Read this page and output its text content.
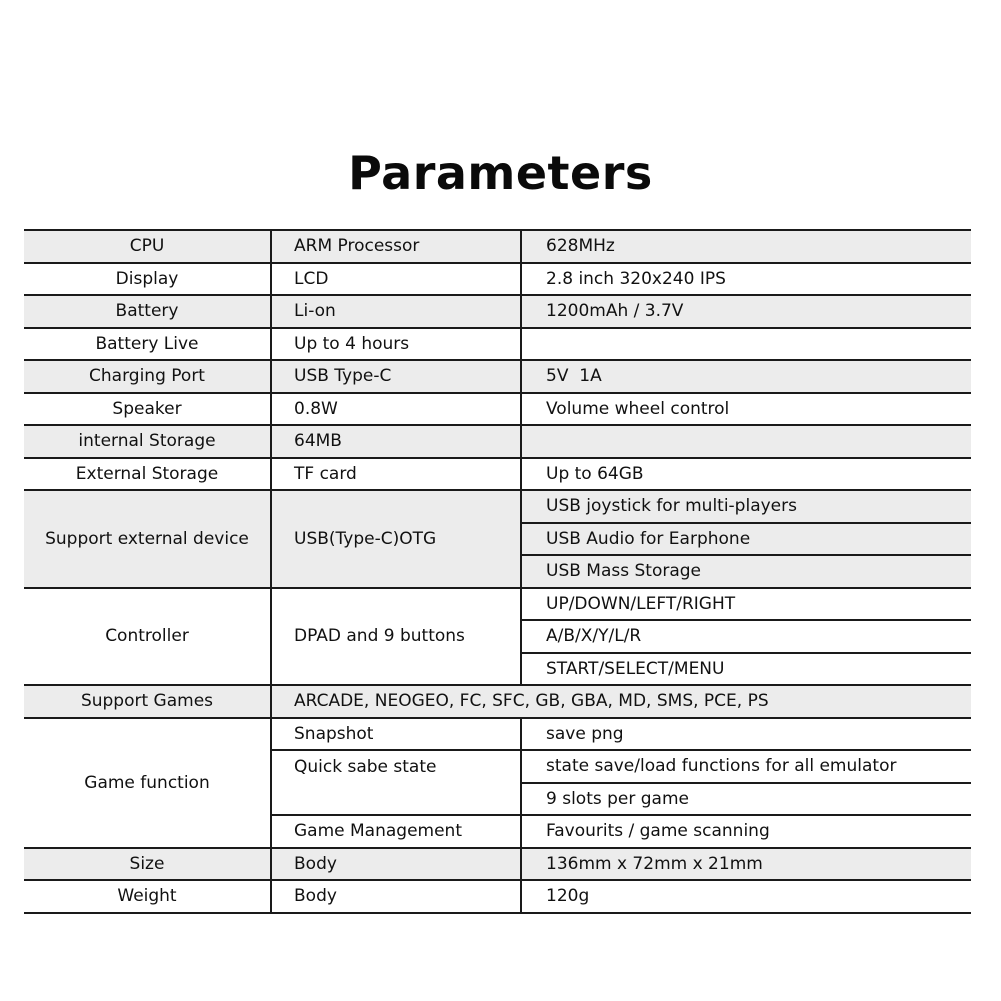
Parameters
CPU	ARM Processor	628MHz
Display	LCD	2.8 inch 320x240 IPS
Battery	Li-on	1200mAh / 3.7V
Battery Live	Up to 4 hours	
Charging Port	USB Type-C	5V  1A
Speaker	0.8W	Volume wheel control
internal Storage	64MB	
External Storage	TF card	Up to 64GB
Support external device	USB(Type-C)OTG	USB joystick for multi-players
		USB Audio for Earphone
		USB Mass Storage
Controller	DPAD and 9 buttons	UP/DOWN/LEFT/RIGHT
		A/B/X/Y/L/R
		START/SELECT/MENU
Support Games	ARCADE, NEOGEO, FC, SFC, GB, GBA, MD, SMS, PCE, PS	
Game function	Snapshot	save png
	Quick sabe state	state save/load functions for all emulator
		9 slots per game
	Game Management	Favourits / game scanning
Size	Body	136mm x 72mm x 21mm
Weight	Body	120g
